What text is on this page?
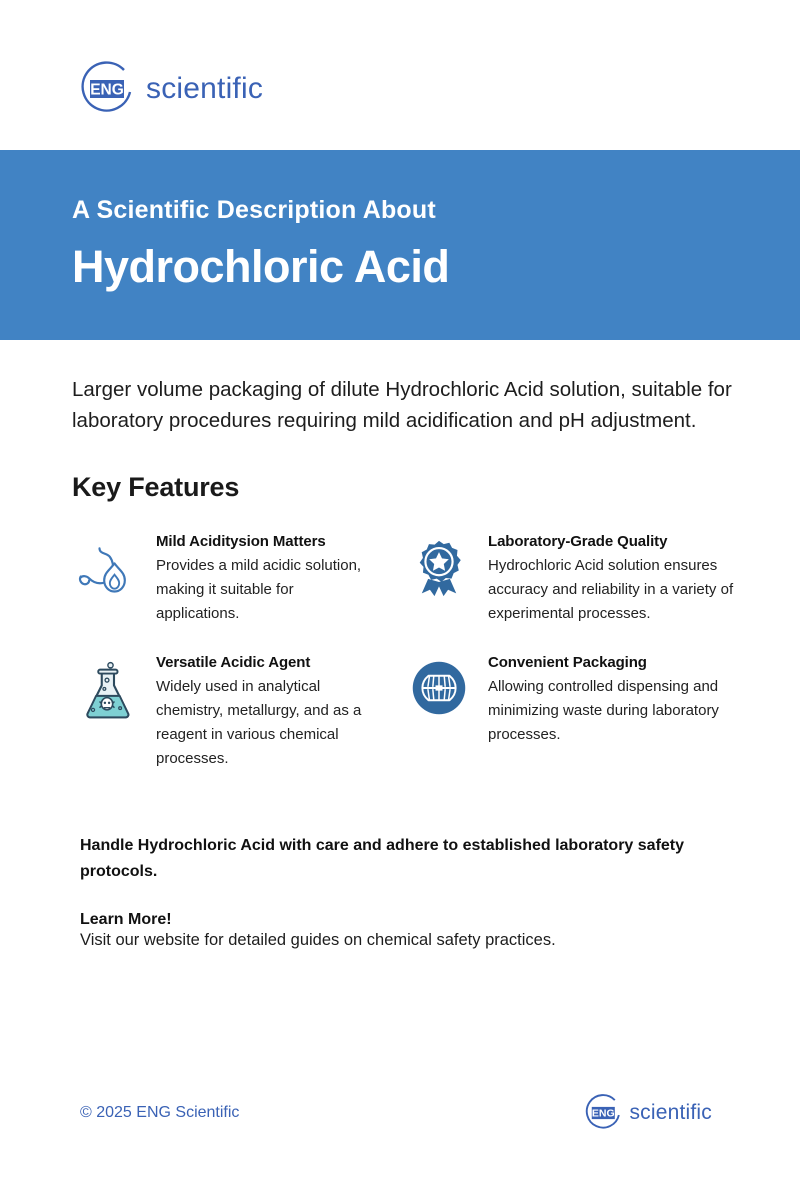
ENG scientific

A Scientific Description About

Hydrochloric Acid

Larger volume packaging of dilute Hydrochloric Acid solution, suitable for laboratory procedures requiring mild acidification and pH adjustment.

Key Features

Mild Aciditysion Matters

Provides a mild acidic solution, making it suitable for applications.

Laboratory-Grade Quality

Hydrochloric Acid solution ensures accuracy and reliability in a variety of experimental processes.

Versatile Acidic Agent

Widely used in analytical chemistry, metallurgy, and as a reagent in various chemical processes.

Convenient Packaging

Allowing controlled dispensing and minimizing waste during laboratory processes.

Handle Hydrochloric Acid with care and adhere to established laboratory safety protocols.

Learn More!

Visit our website for detailed guides on chemical safety practices.

© 2025 ENG Scientific	ENG scientific
